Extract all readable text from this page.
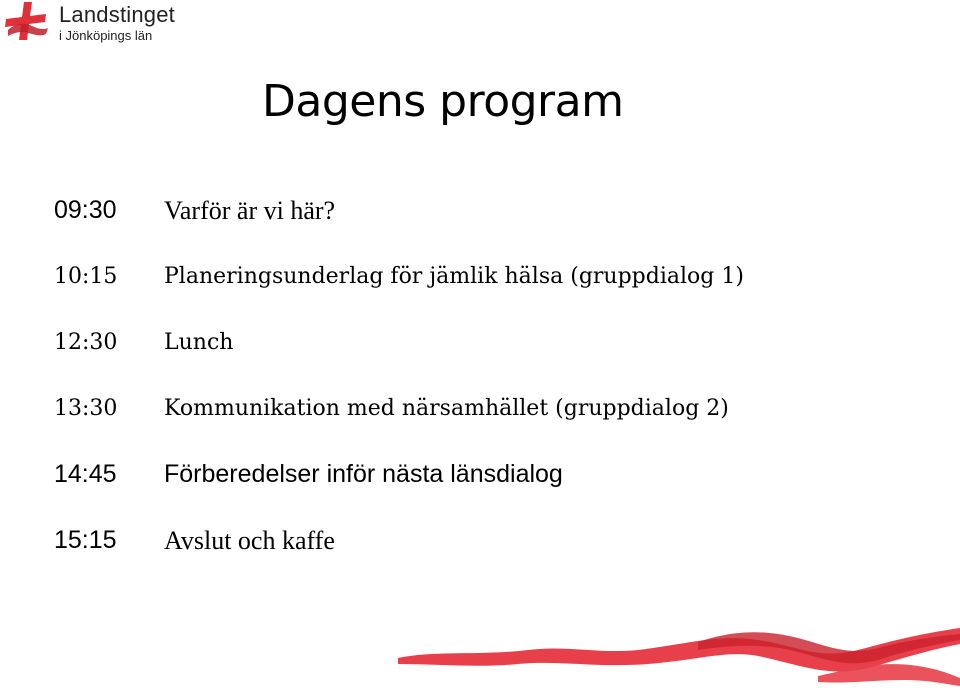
Landstinget
i Jönköpings län
Dagens program
09:30 Varför är vi här?
10:15 Planeringsunderlag för jämlik hälsa (gruppdialog 1)
12:30 Lunch
13:30 Kommunikation med närsamhället (gruppdialog 2)
14:45 Förberedelser inför nästa länsdialog
15:15 Avslut och kaffe
